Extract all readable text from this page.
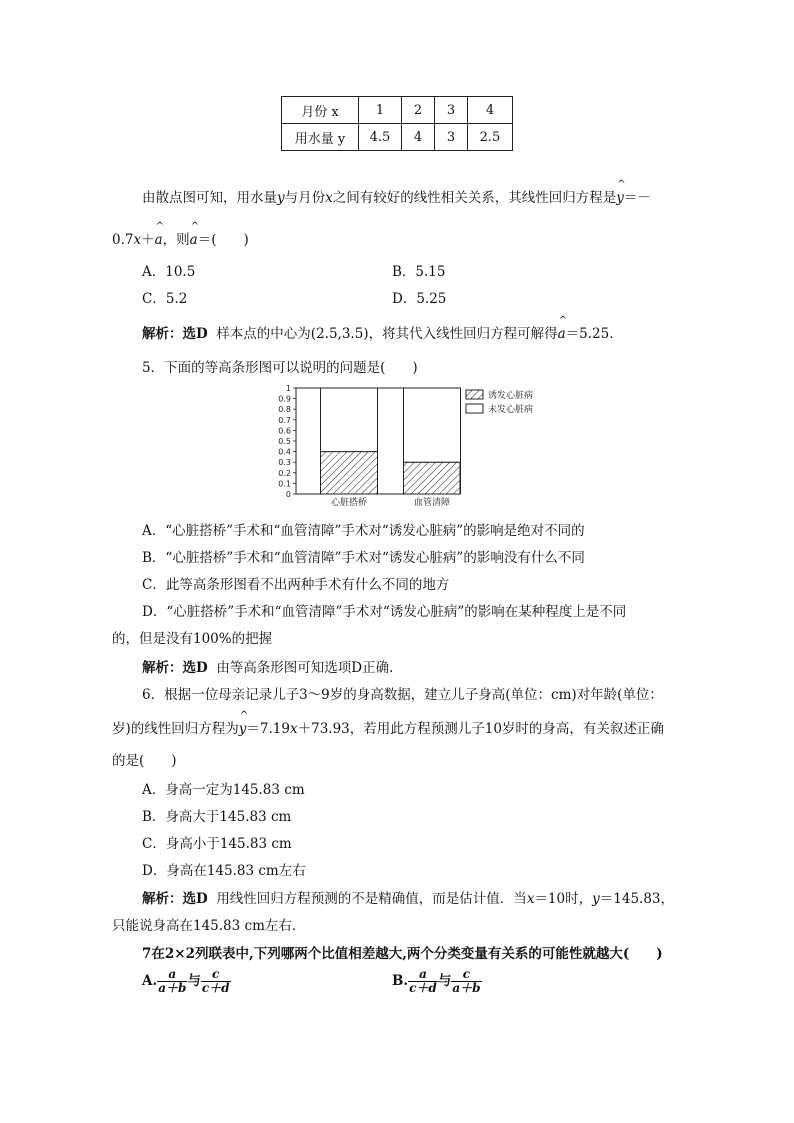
月份 x	1	2	3	4
用水量 y	4.5	4	3	2.5
由散点图可知，用水量y与月份x之间有较好的线性相关关系，其线性回归方程是^ y＝－
0.7x＋^ a，则^ a＝(　　)
A．10.5	B．5.15
C．5.2	D．5.25
解析：选D 样本点的中心为(2.5,3.5)，将其代入线性回归方程可解得^ a＝5.25.
5．下面的等高条形图可以说明的问题是(　　)
0
0.1
0.2
0.3
0.4
0.5
0.6
0.7
0.8
0.9
1
心脏搭桥	血管清障
诱发心脏病
未发心脏病
A．“心脏搭桥”手术和“血管清障”手术对“诱发心脏病”的影响是绝对不同的
B．“心脏搭桥”手术和“血管清障”手术对“诱发心脏病”的影响没有什么不同
C．此等高条形图看不出两种手术有什么不同的地方
D．“心脏搭桥”手术和“血管清障”手术对“诱发心脏病”的影响在某种程度上是不同
的，但是没有100%的把握
解析：选D 由等高条形图可知选项D正确.
6．根据一位母亲记录儿子3～9岁的身高数据，建立儿子身高(单位：cm)对年龄(单位：
岁)的线性回归方程为^ y＝7.19x＋73.93，若用此方程预测儿子10岁时的身高，有关叙述正确
的是(　　)
A．身高一定为145.83 cm
B．身高大于145.83 cm
C．身高小于145.83 cm
D．身高在145.83 cm左右
解析：选D 用线性回归方程预测的不是精确值，而是估计值．当x＝10时，y＝145.83，
只能说身高在145.83 cm左右．
7在2×2列联表中,下列哪两个比值相差越大,两个分类变量有关系的可能性就越大(　　)
A. $\frac{a}{a+b}$ 与 $\frac{c}{c+d}$	B. $\frac{a}{c+d}$ 与 $\frac{c}{a+b}$
